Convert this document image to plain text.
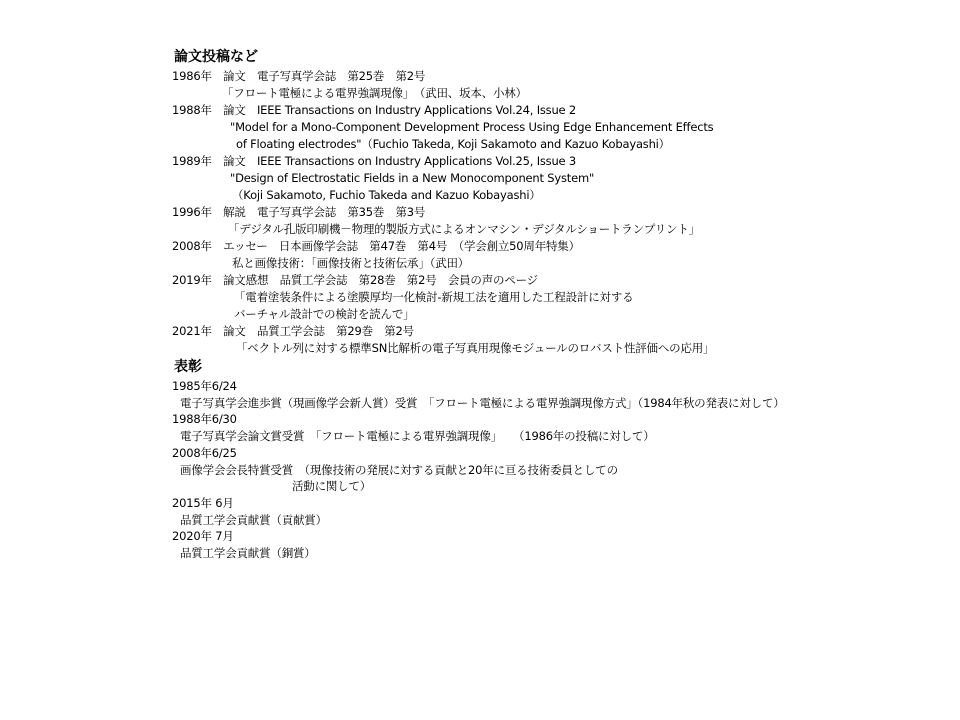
論文投稿など
1986年　論文　電子写真学会誌　第25巻　第2号
「フロート電極による電界強調現像」　（武田、坂本、小林）
1988年　論文　IEEE Transactions on Industry Applications Vol.24, Issue 2
"Model for a Mono-Component Development Process Using Edge Enhancement Effects
of Floating electrodes"（Fuchio Takeda, Koji Sakamoto and Kazuo Kobayashi）
1989年　論文　IEEE Transactions on Industry Applications Vol.25, Issue 3
"Design of Electrostatic Fields in a New Monocomponent System"
（Koji Sakamoto, Fuchio Takeda and Kazuo Kobayashi）
1996年　解説　電子写真学会誌　第35巻　第3号
「デジタル孔版印刷機－物理的製版方式によるオンマシン・デジタルショートランプリント」
2008年　エッセー　日本画像学会誌　第47巻　第4号　（学会創立50周年特集）
私と画像技術：「画像技術と技術伝承」（武田）
2019年　論文感想　品質工学会誌　第28巻　第2号　会員の声のページ
「電着塗装条件による塗膜厚均一化検討-新規工法を適用した工程設計に対する
バーチャル設計での検討を読んで」
2021年　論文　品質工学会誌　第29巻　第2号
「ベクトル列に対する標準SN比解析の電子写真用現像モジュールのロバスト性評価への応用」
表彰
1985年6/24
電子写真学会進歩賞（現画像学会新人賞）受賞　「フロート電極による電界強調現像方式」（1984年秋の発表に対して）
1988年6/30
電子写真学会論文賞受賞　「フロート電極による電界強調現像」　　（1986年の投稿に対して）
2008年6/25
画像学会会長特賞受賞　（現像技術の発展に対する貢献と20年に亘る技術委員としての
活動に関して）
2015年 6月
品質工学会貢献賞（貢献賞）
2020年 7月
品質工学会貢献賞（銅賞）
